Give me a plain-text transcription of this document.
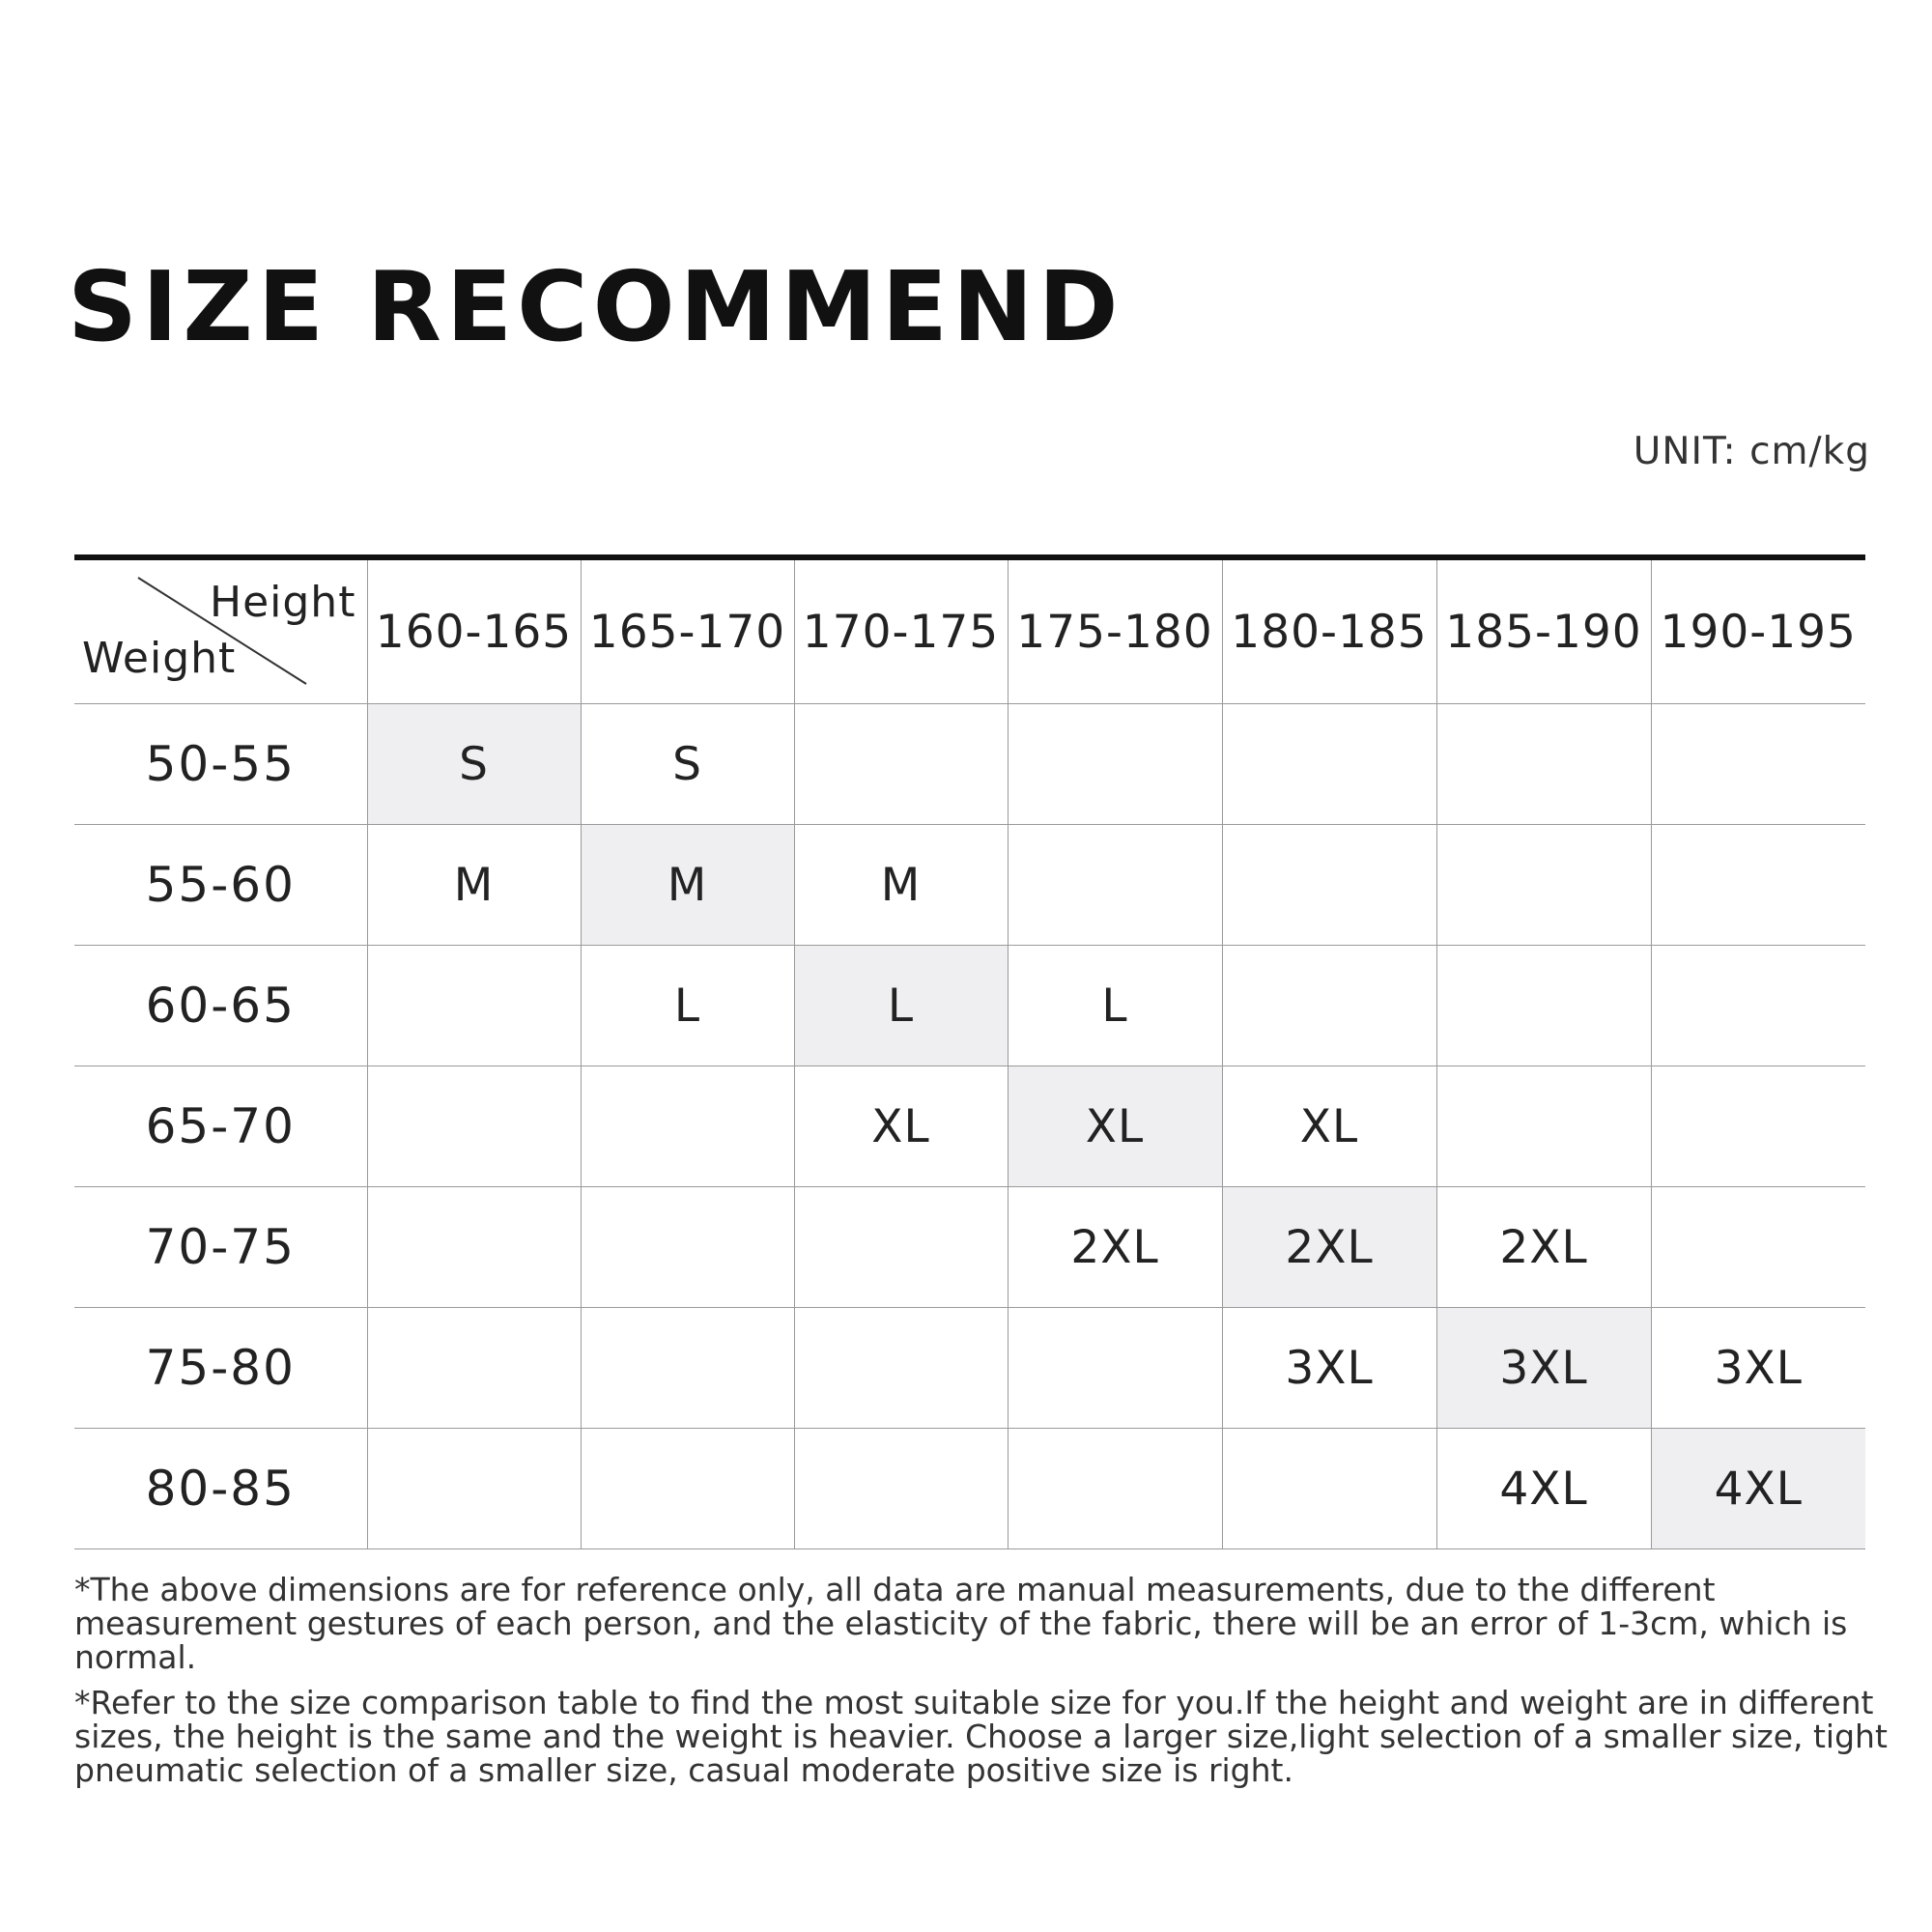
SIZE RECOMMEND
UNIT: cm/kg
Height
Weight	160-165	165-170	170-175	175-180	180-185	185-190	190-195
50-55	S	S					
55-60	M	M	M				
60-65		L	L	L			
65-70			XL	XL	XL		
70-75				2XL	2XL	2XL	
75-80					3XL	3XL	3XL
80-85						4XL	4XL

*The above dimensions are for reference only, all data are manual measurements, due to the different measurement gestures of each person, and the elasticity of the fabric, there will be an error of 1-3cm, which is normal.

*Refer to the size comparison table to find the most suitable size for you.If the height and weight are in different sizes, the height is the same and the weight is heavier. Choose a larger size,light selection of a smaller size, tight pneumatic selection of a smaller size, casual moderate positive size is right.
